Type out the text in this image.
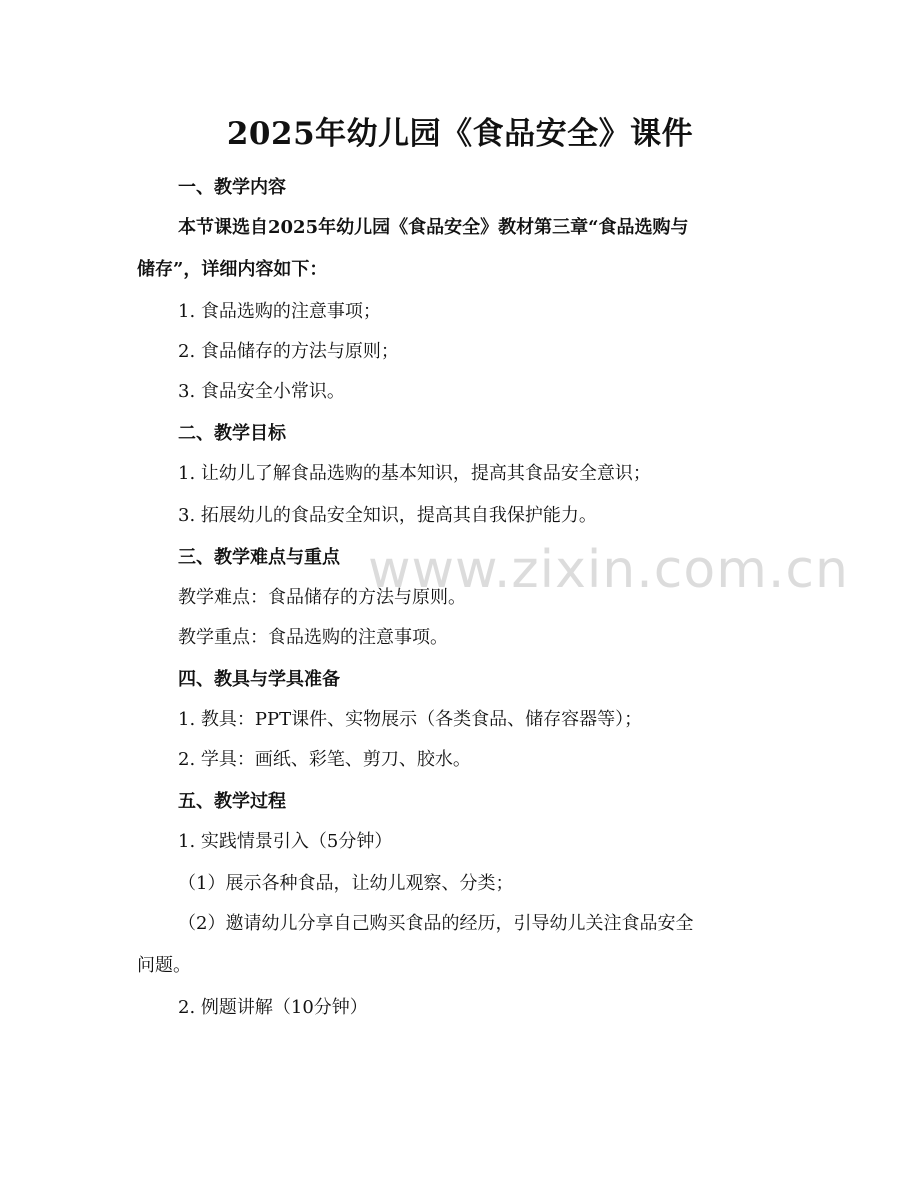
www.zixin.com.cn
2025年幼儿园《食品安全》课件
一、教学内容
本节课选自2025年幼儿园《食品安全》教材第三章“食品选购与
储存”，详细内容如下：
1. 食品选购的注意事项；
2. 食品储存的方法与原则；
3. 食品安全小常识。
二、教学目标
1. 让幼儿了解食品选购的基本知识，提高其食品安全意识；
3. 拓展幼儿的食品安全知识，提高其自我保护能力。
三、教学难点与重点
教学难点：食品储存的方法与原则。
教学重点：食品选购的注意事项。
四、教具与学具准备
1. 教具：PPT课件、实物展示（各类食品、储存容器等）；
2. 学具：画纸、彩笔、剪刀、胶水。
五、教学过程
1. 实践情景引入（5分钟）
（1）展示各种食品，让幼儿观察、分类；
（2）邀请幼儿分享自己购买食品的经历，引导幼儿关注食品安全
问题。
2. 例题讲解（10分钟）
